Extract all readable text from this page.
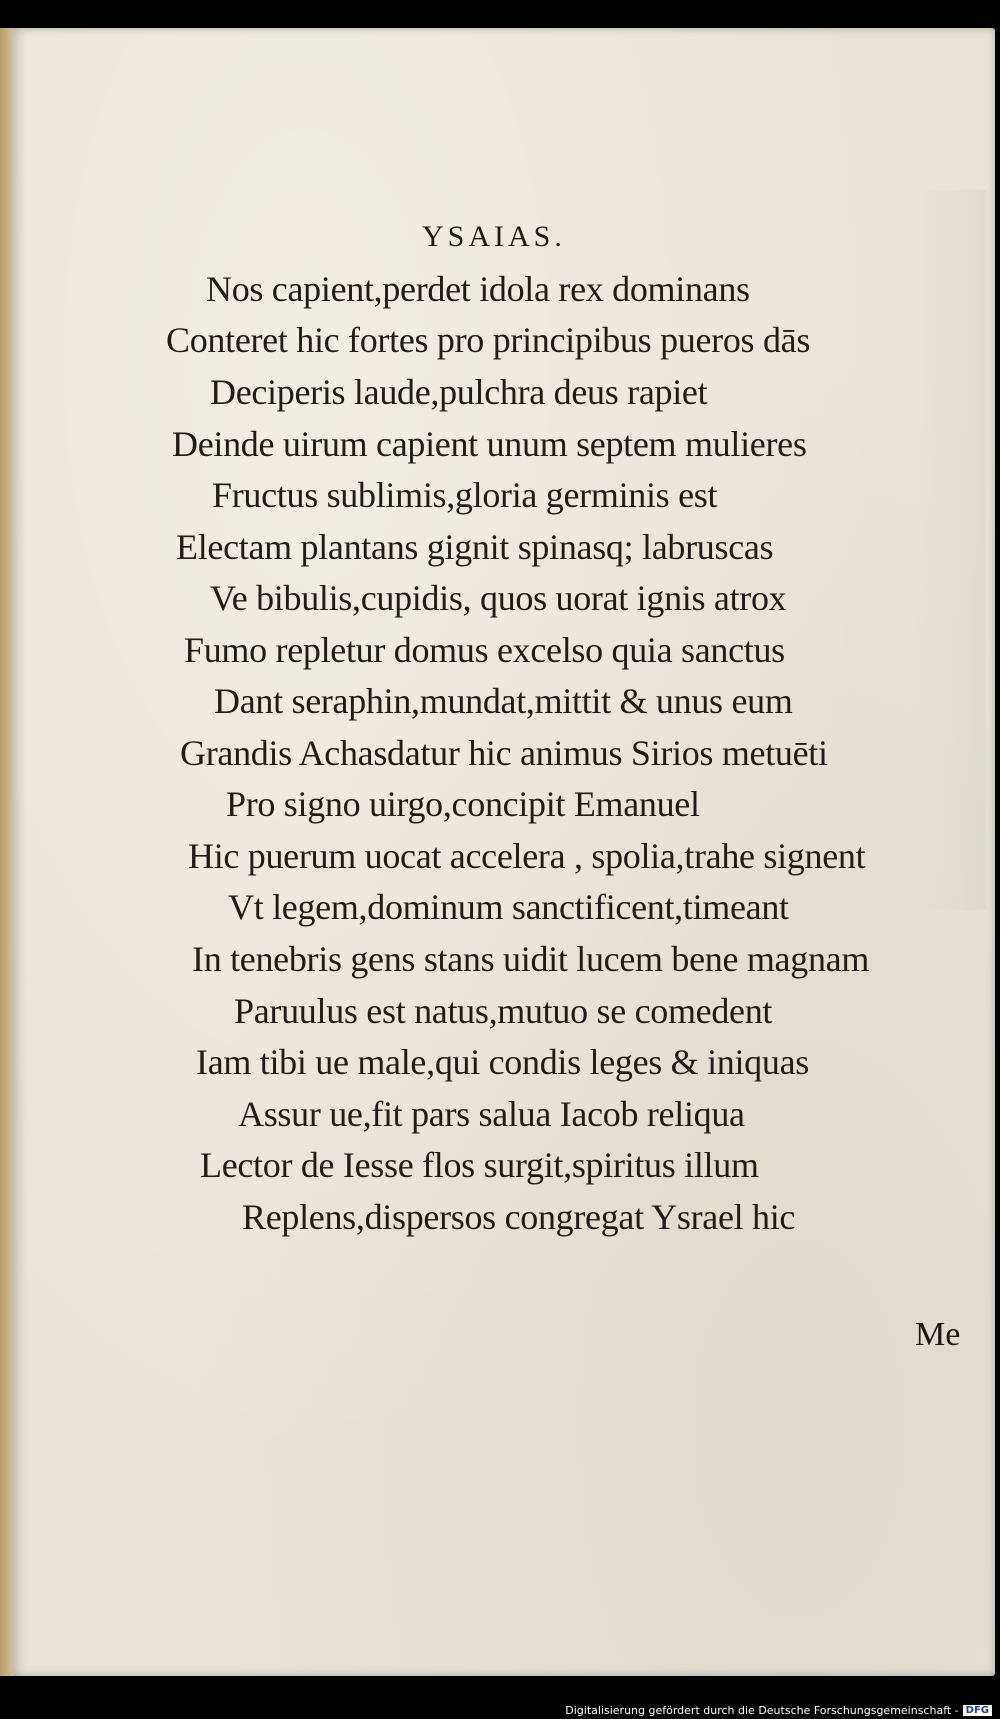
YSAIAS.
Nos capient,perdet idola rex dominans
Conteret hic fortes pro principibus pueros dās
Deciperis laude,pulchra deus rapiet
Deinde uirum capient unum septem mulieres
Fructus sublimis,gloria germinis est
Electam plantans gignit spinasq; labruscas
Ve bibulis,cupidis, quos uorat ignis atrox
Fumo repletur domus excelso quia sanctus
Dant seraphin,mundat,mittit & unus eum
Grandis Achasdatur hic animus Sirios metuēti
Pro signo uirgo,concipit Emanuel
Hic puerum uocat accelera , spolia,trahe signent
Vt legem,dominum sanctificent,timeant
In tenebris gens stans uidit lucem bene magnam
Paruulus est natus,mutuo se comedent
Iam tibi ue male,qui condis leges & iniquas
Assur ue,fit pars salua Iacob reliqua
Lector de Iesse flos surgit,spiritus illum
Replens,dispersos congregat Ysrael hic
Me
Digitalisierung gefördert durch die Deutsche Forschungsgemeinschaft - DFG
